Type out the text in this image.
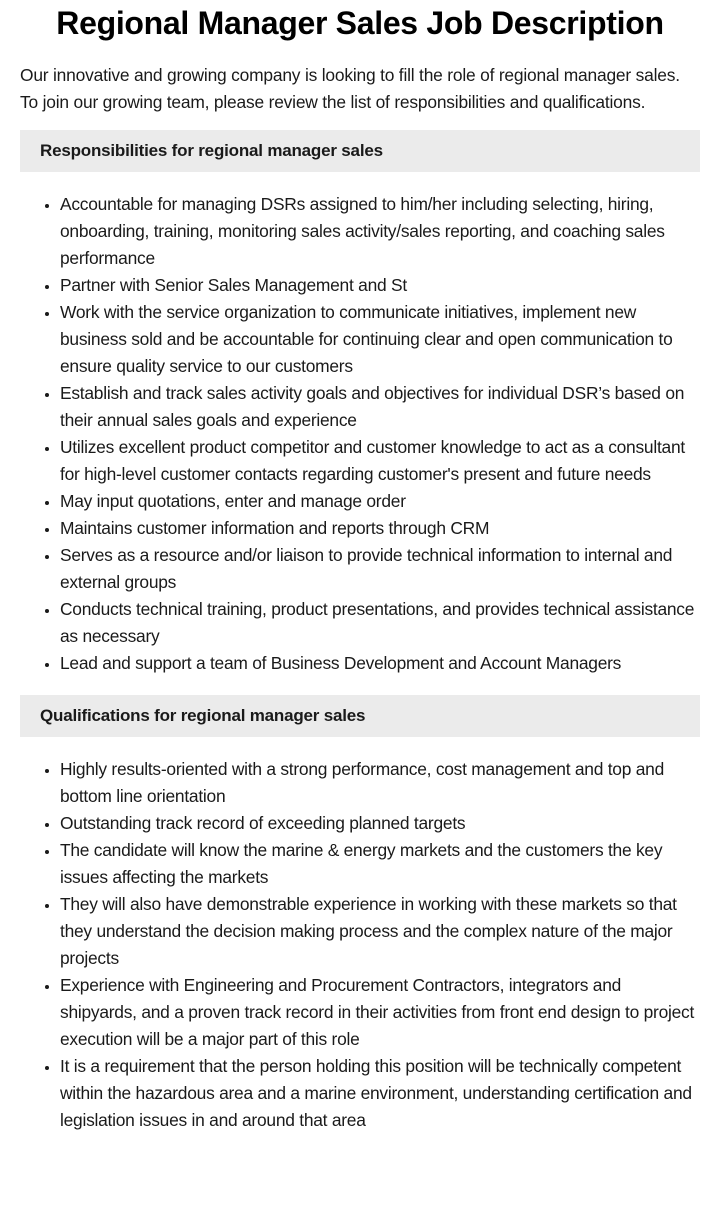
Regional Manager Sales Job Description

Our innovative and growing company is looking to fill the role of regional manager sales. To join our growing team, please review the list of responsibilities and qualifications.

Responsibilities for regional manager sales
• Accountable for managing DSRs assigned to him/her including selecting, hiring, onboarding, training, monitoring sales activity/sales reporting, and coaching sales performance
• Partner with Senior Sales Management and St
• Work with the service organization to communicate initiatives, implement new business sold and be accountable for continuing clear and open communication to ensure quality service to our customers
• Establish and track sales activity goals and objectives for individual DSR’s based on their annual sales goals and experience
• Utilizes excellent product competitor and customer knowledge to act as a consultant for high-level customer contacts regarding customer's present and future needs
• May input quotations, enter and manage order
• Maintains customer information and reports through CRM
• Serves as a resource and/or liaison to provide technical information to internal and external groups
• Conducts technical training, product presentations, and provides technical assistance as necessary
• Lead and support a team of Business Development and Account Managers
Qualifications for regional manager sales
• Highly results-oriented with a strong performance, cost management and top and bottom line orientation
• Outstanding track record of exceeding planned targets
• The candidate will know the marine & energy markets and the customers the key issues affecting the markets
• They will also have demonstrable experience in working with these markets so that they understand the decision making process and the complex nature of the major projects
• Experience with Engineering and Procurement Contractors, integrators and shipyards, and a proven track record in their activities from front end design to project execution will be a major part of this role
• It is a requirement that the person holding this position will be technically competent within the hazardous area and a marine environment, understanding certification and legislation issues in and around that area
